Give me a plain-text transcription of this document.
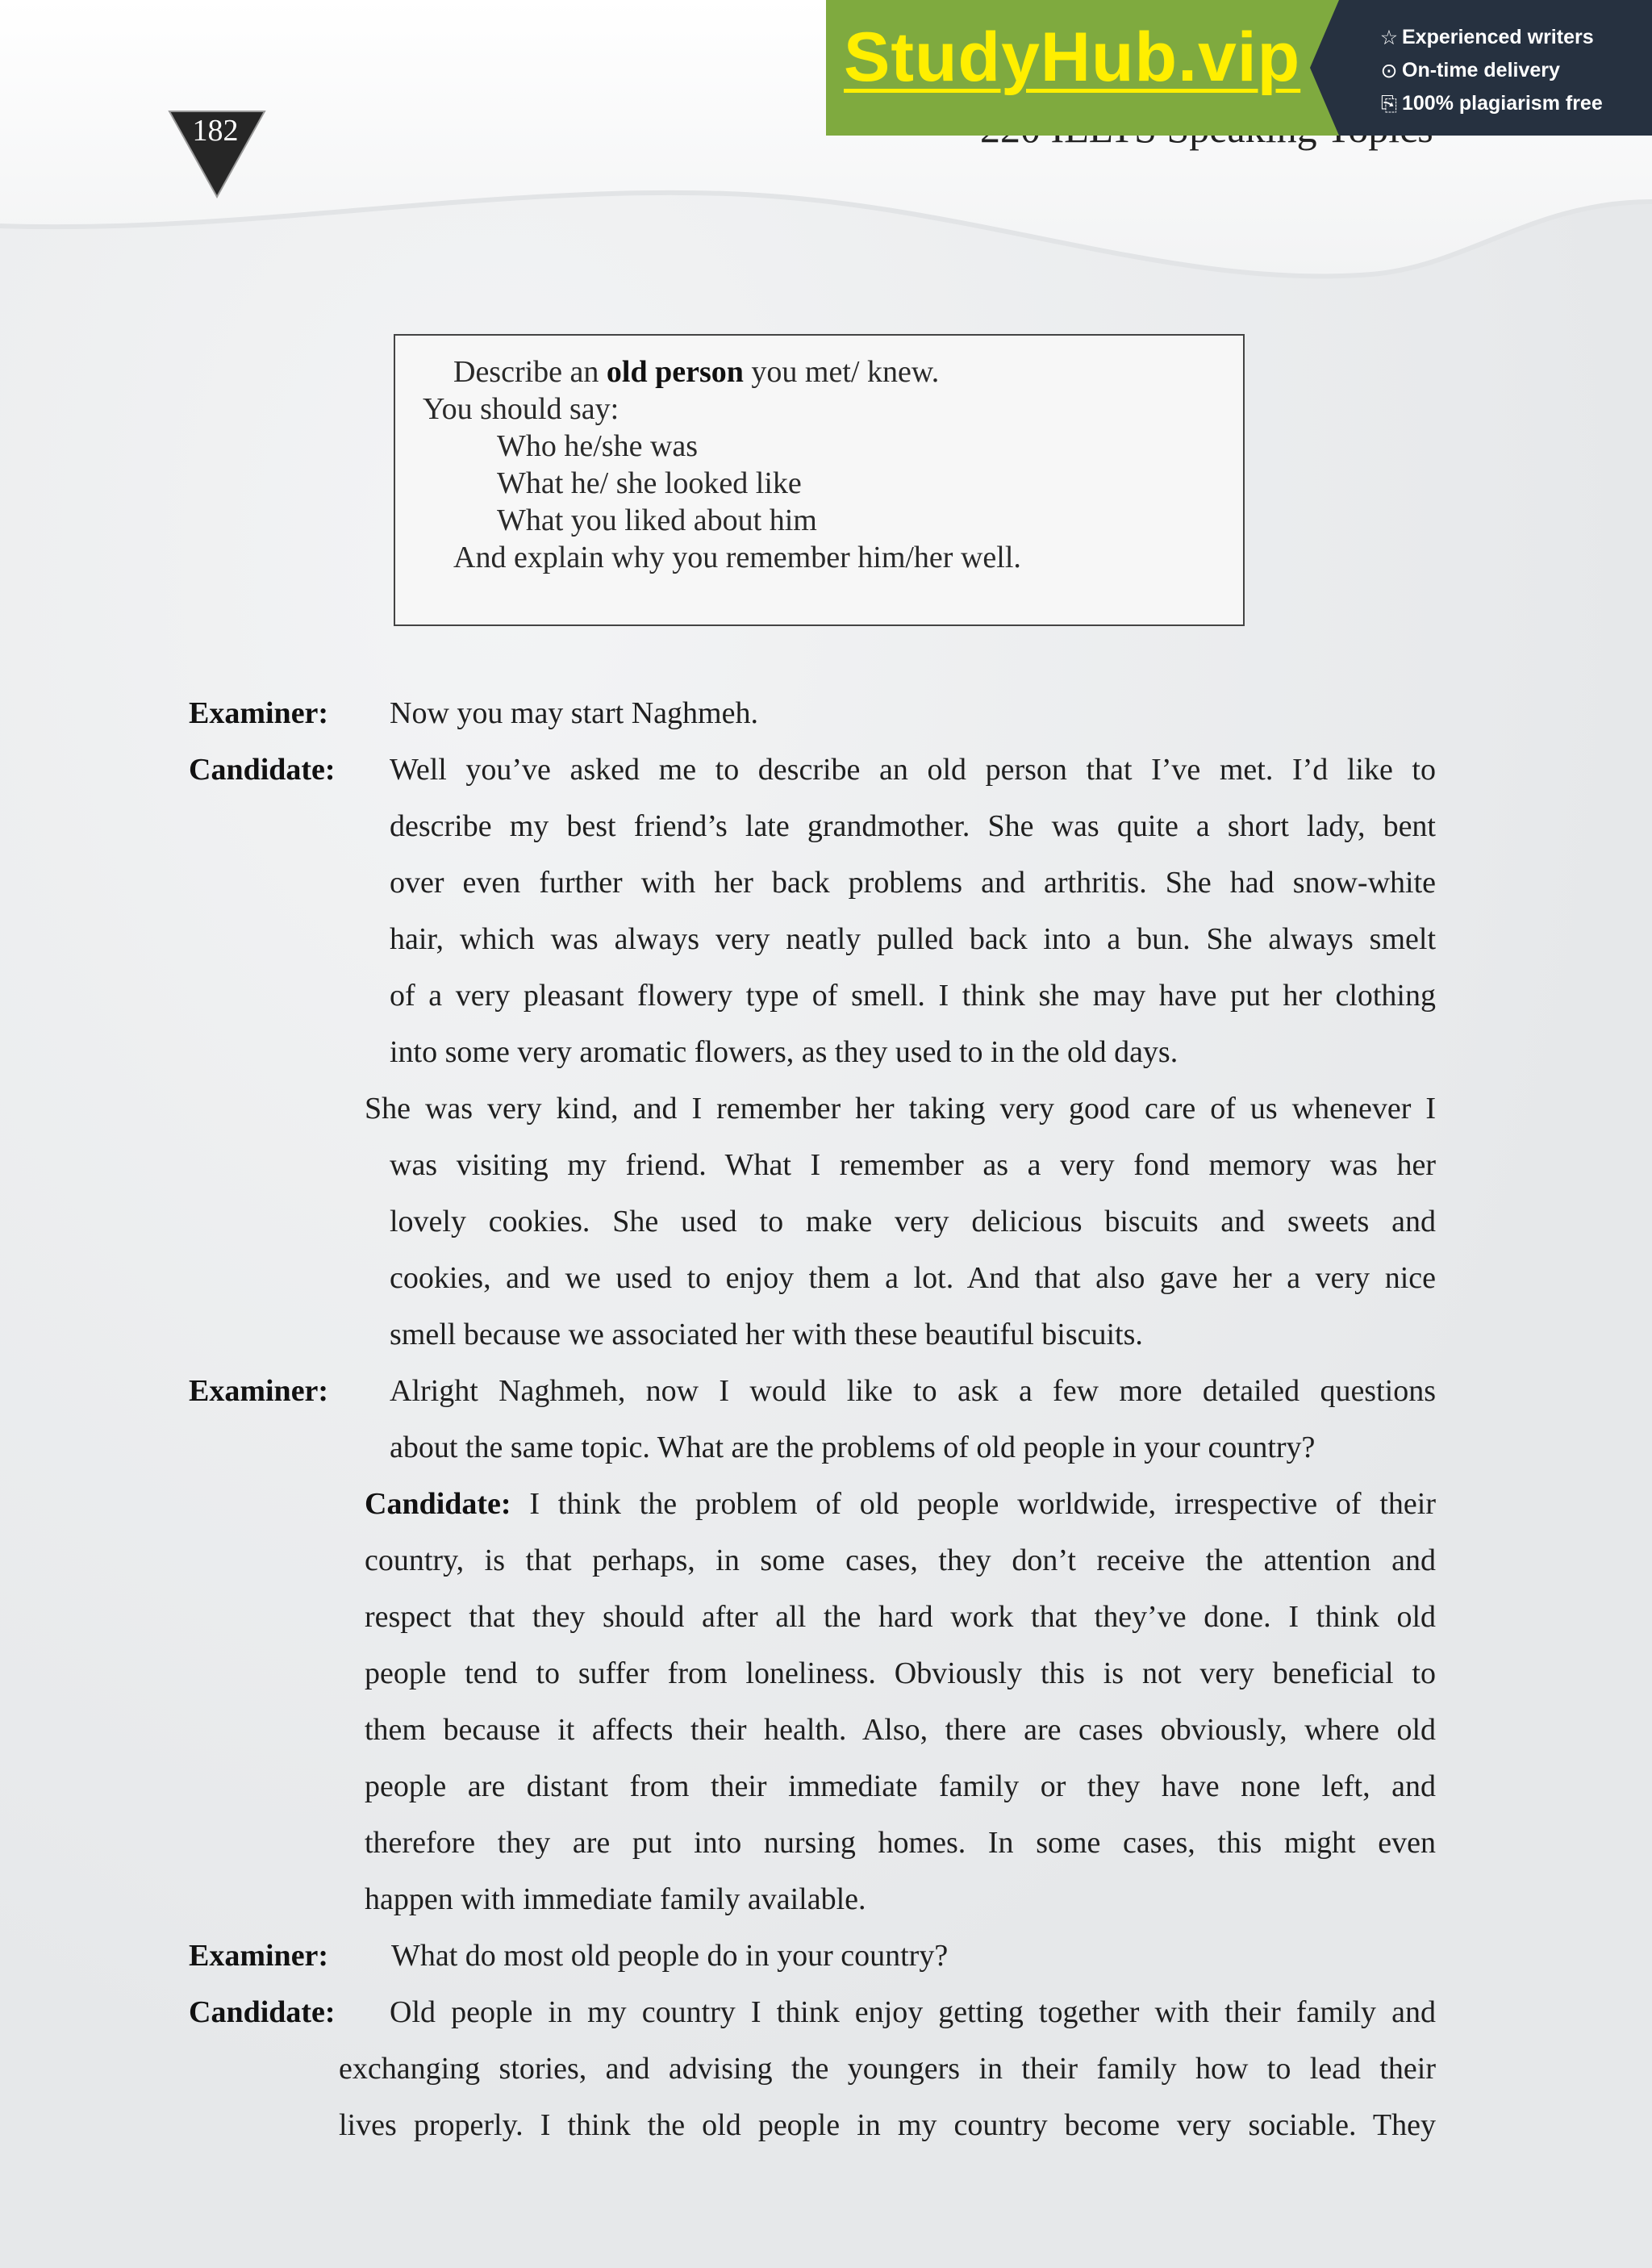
182
StudyHub.vip	☆ Experienced writers
⊙ On-time delivery
⎘ 100% plagiarism free
Describe an old person you met/ knew.
You should say:
Who he/she was
What he/ she looked like
What you liked about him
And explain why you remember him/her well.
Examiner: Now you may start Naghmeh.
Candidate: Well you’ve asked me to describe an old person that I’ve met. I’d like to
describe my best friend’s late grandmother. She was quite a short lady, bent
over even further with her back problems and arthritis. She had snow-white
hair, which was always very neatly pulled back into a bun. She always smelt
of a very pleasant flowery type of smell. I think she may have put her clothing
into some very aromatic flowers, as they used to in the old days.
She was very kind, and I remember her taking very good care of us whenever I
was visiting my friend. What I remember as a very fond memory was her
lovely cookies. She used to make very delicious biscuits and sweets and
cookies, and we used to enjoy them a lot. And that also gave her a very nice
smell because we associated her with these beautiful biscuits.
Examiner: Alright Naghmeh, now I would like to ask a few more detailed questions
about the same topic. What are the problems of old people in your country?
Candidate: I think the problem of old people worldwide, irrespective of their
country, is that perhaps, in some cases, they don’t receive the attention and
respect that they should after all the hard work that they’ve done. I think old
people tend to suffer from loneliness. Obviously this is not very beneficial to
them because it affects their health. Also, there are cases obviously, where old
people are distant from their immediate family or they have none left, and
therefore they are put into nursing homes. In some cases, this might even
happen with immediate family available.
Examiner: What do most old people do in your country?
Candidate: Old people in my country I think enjoy getting together with their family and
exchanging stories, and advising the youngers in their family how to lead their
lives properly. I think the old people in my country become very sociable. They
